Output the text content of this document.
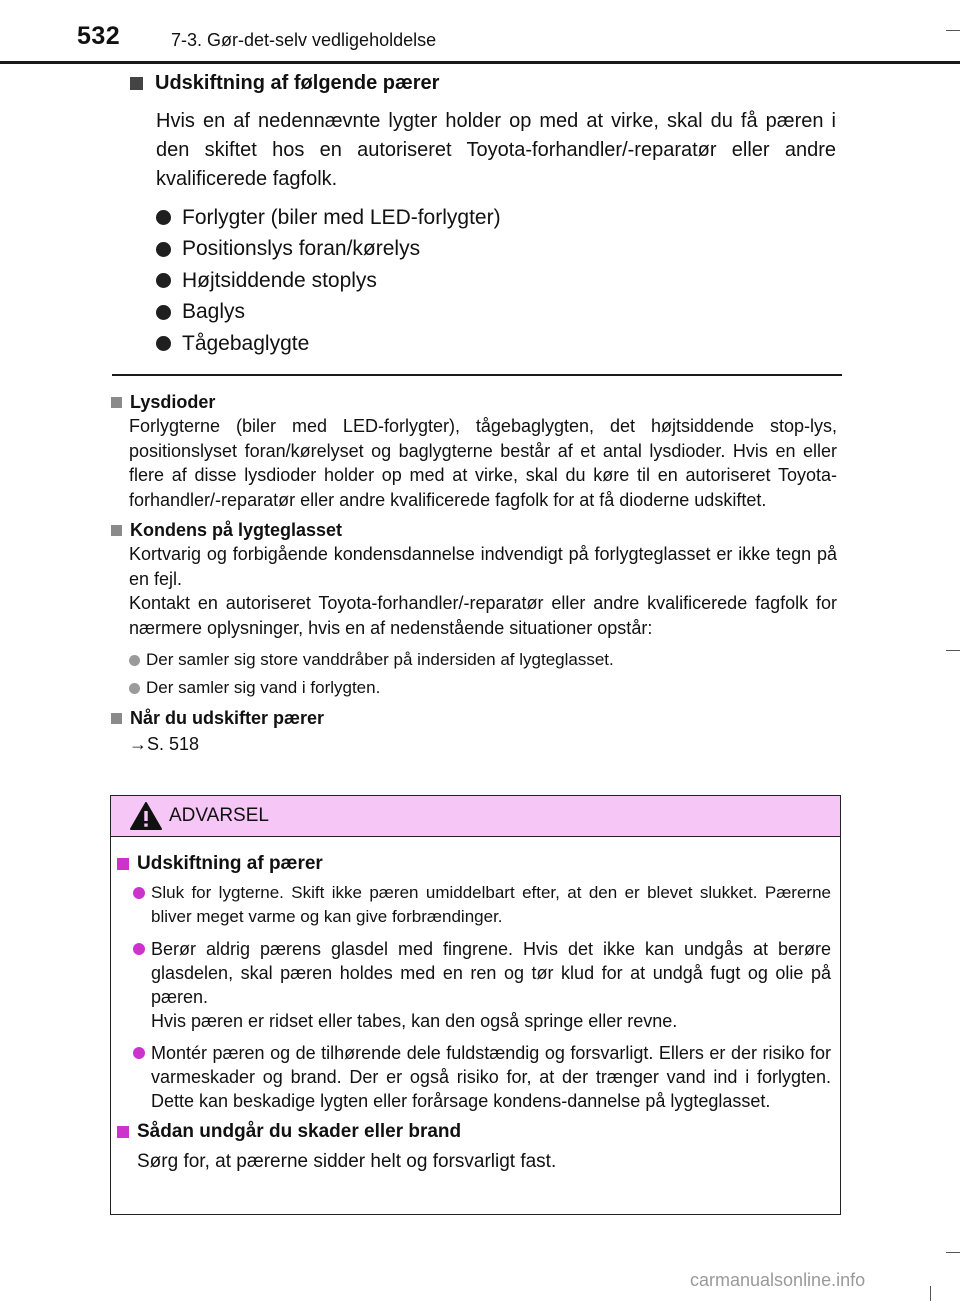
532	7-3. Gør-det-selv vedligeholdelse
Udskiftning af følgende pærer
Hvis en af nedennævnte lygter holder op med at virke, skal du få pæren i den skiftet hos en autoriseret Toyota-forhandler/-reparatør eller andre kvalificerede fagfolk.
Forlygter (biler med LED-forlygter)
Positionslys foran/kørelys
Højtsiddende stoplys
Baglys
Tågebaglygte
Lysdioder
Forlygterne (biler med LED-forlygter), tågebaglygten, det højtsiddende stop-lys, positionslyset foran/kørelyset og baglygterne består af et antal lysdioder. Hvis en eller flere af disse lysdioder holder op med at virke, skal du køre til en autoriseret Toyota-forhandler/-reparatør eller andre kvalificerede fagfolk for at få dioderne udskiftet.
Kondens på lygteglasset
Kortvarig og forbigående kondensdannelse indvendigt på forlygteglasset er ikke tegn på en fejl.
Kontakt en autoriseret Toyota-forhandler/-reparatør eller andre kvalificerede fagfolk for nærmere oplysninger, hvis en af nedenstående situationer opstår:
Der samler sig store vanddråber på indersiden af lygteglasset.
Der samler sig vand i forlygten.
Når du udskifter pærer
→S. 518
ADVARSEL
Udskiftning af pærer
Sluk for lygterne. Skift ikke pæren umiddelbart efter, at den er blevet slukket. Pærerne bliver meget varme og kan give forbrændinger.
Berør aldrig pærens glasdel med fingrene. Hvis det ikke kan undgås at berøre glasdelen, skal pæren holdes med en ren og tør klud for at undgå fugt og olie på pæren.
Hvis pæren er ridset eller tabes, kan den også springe eller revne.
Montér pæren og de tilhørende dele fuldstændig og forsvarligt. Ellers er der risiko for varmeskader og brand. Der er også risiko for, at der trænger vand ind i forlygten. Dette kan beskadige lygten eller forårsage kondens-dannelse på lygteglasset.
Sådan undgår du skader eller brand
Sørg for, at pærerne sidder helt og forsvarligt fast.
carmanualsonline.info
